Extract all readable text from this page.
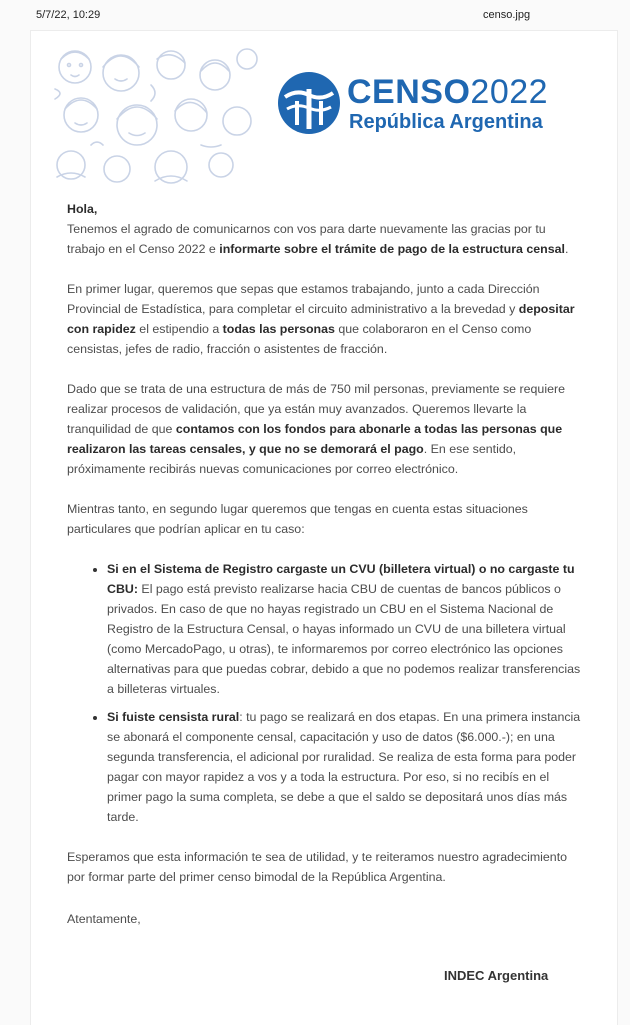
5/7/22, 10:29	censo.jpg
CENSO2022
República Argentina

Hola,

Tenemos el agrado de comunicarnos con vos para darte nuevamente las gracias por tu trabajo en el Censo 2022 e informarte sobre el trámite de pago de la estructura censal.

En primer lugar, queremos que sepas que estamos trabajando, junto a cada Dirección Provincial de Estadística, para completar el circuito administrativo a la brevedad y depositar con rapidez el estipendio a todas las personas que colaboraron en el Censo como censistas, jefes de radio, fracción o asistentes de fracción.

Dado que se trata de una estructura de más de 750 mil personas, previamente se requiere realizar procesos de validación, que ya están muy avanzados. Queremos llevarte la tranquilidad de que contamos con los fondos para abonarle a todas las personas que realizaron las tareas censales, y que no se demorará el pago. En ese sentido, próximamente recibirás nuevas comunicaciones por correo electrónico.

Mientras tanto, en segundo lugar queremos que tengas en cuenta estas situaciones particulares que podrían aplicar en tu caso:

• Si en el Sistema de Registro cargaste un CVU (billetera virtual) o no cargaste tu CBU: El pago está previsto realizarse hacia CBU de cuentas de bancos públicos o privados. En caso de que no hayas registrado un CBU en el Sistema Nacional de Registro de la Estructura Censal, o hayas informado un CVU de una billetera virtual (como MercadoPago, u otras), te informaremos por correo electrónico las opciones alternativas para que puedas cobrar, debido a que no podemos realizar transferencias a billeteras virtuales.
• Si fuiste censista rural: tu pago se realizará en dos etapas. En una primera instancia se abonará el componente censal, capacitación y uso de datos ($6.000.-); en una segunda transferencia, el adicional por ruralidad. Se realiza de esta forma para poder pagar con mayor rapidez a vos y a toda la estructura. Por eso, si no recibís en el primer pago la suma completa, se debe a que el saldo se depositará unos días más tarde.

Esperamos que esta información te sea de utilidad, y te reiteramos nuestro agradecimiento por formar parte del primer censo bimodal de la República Argentina.

Atentamente,

INDEC Argentina
